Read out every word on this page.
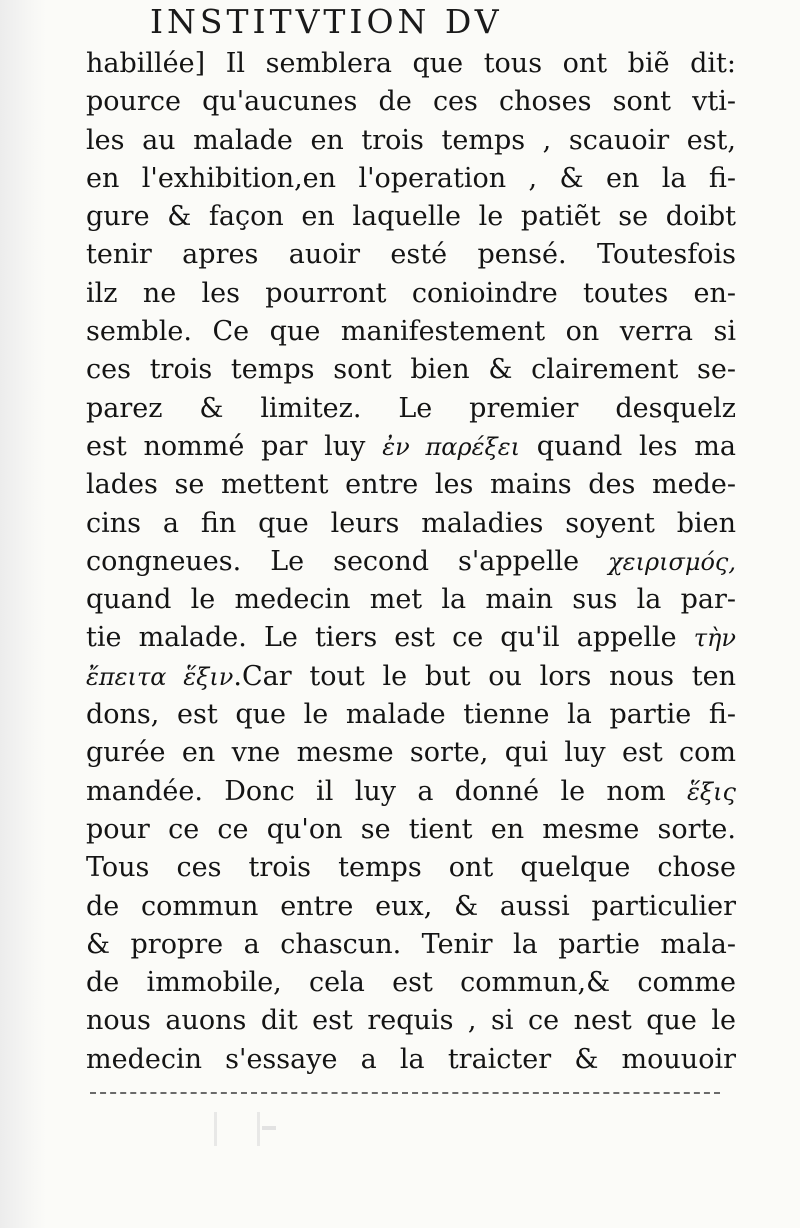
INSTITVTION DV
habillée] Il semblera que tous ont biẽ dit:
pource qu'aucunes de ces choses sont vti-
les au malade en trois temps , scauoir est,
en l'exhibition,en l'operation , & en la fi-
gure & façon en laquelle le patiẽt se doibt
tenir apres auoir esté pensé. Toutesfois
ilz ne les pourront conioindre toutes en-
semble. Ce que manifestement on verra si
ces trois temps sont bien & clairement se-
parez & limitez. Le premier desquelz
est nommé par luy ἐν παρέξει quand les ma
lades se mettent entre les mains des mede-
cins a fin que leurs maladies soyent bien
congneues. Le second s'appelle χειρισμός,
quand le medecin met la main sus la par-
tie malade. Le tiers est ce qu'il appelle τὴν
ἔπειτα ἕξιν.Car tout le but ou lors nous ten
dons, est que le malade tienne la partie fi-
gurée en vne mesme sorte, qui luy est com
mandée. Donc il luy a donné le nom ἕξις
pour ce ce qu'on se tient en mesme sorte.
Tous ces trois temps ont quelque chose
de commun entre eux, & aussi particulier
& propre a chascun. Tenir la partie mala-
de immobile, cela est commun,& comme
nous auons dit est requis , si ce nest que le
medecin s'essaye a la traicter & mouuoir
